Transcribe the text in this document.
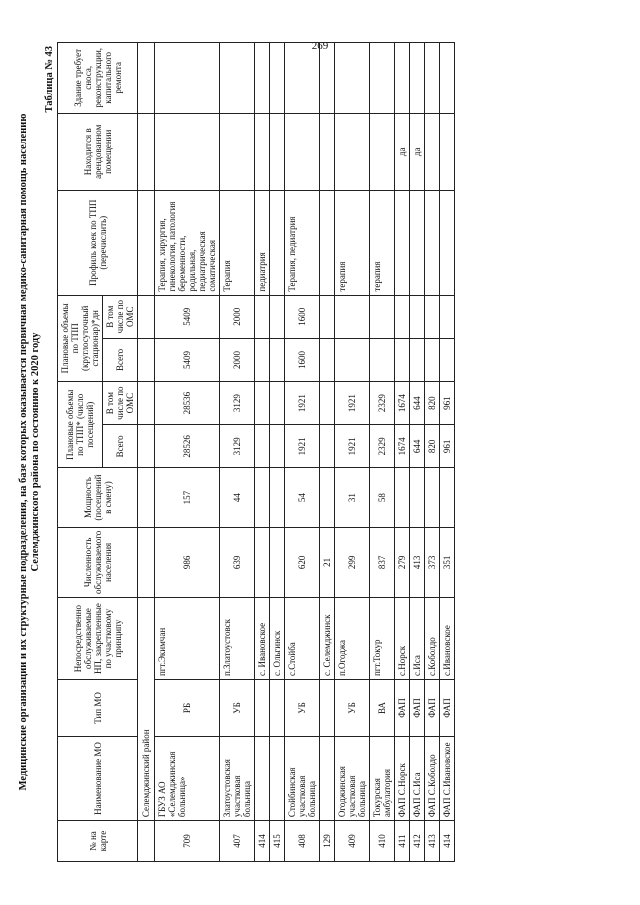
269
Медицинские организации и их структурные подразделения, на базе которых оказывается первичная медико-санитарная помощь населению Селемджинского района по состоянию к 2020 году
Таблица № 43
№ на карте	Наименование МО	Тип МО	Непосредственно обслуживаемые НП, закрепленные по участковому принципу	Численность обслуживаемого населения	Мощность (посещений в смену)	Плановые объемы по ТПП* (число посещений)		Плановые объемы по ТПП (круглосуточный стационар)*дн		Профиль коек по ТПП (перечислить)	Находится в арендованном помещении	Здание требует сноса, реконструкции, капитального ремонта
						Всего	В том числе по ОМС	Всего	В том числе по ОМС			
	Селемджинский район											
709	ГБУЗ АО «Селемджинская больница»	РБ	пгт.Экимчан	986	157	28526	28536	5409	5409	Терапия, хирургия, гинекология, патология беременности, родильная, педиатрическая соматическая		
407	Златоустовская участковая больница	УБ	п.Златоустовск	639	44	3129	3129	2000	2000	Терапия		
414			с. Ивановское							педиатрия		
415			с. Ольгинск									
408	Стойбинская участковая больница	УБ	с.Стойба	620	54	1921	1921	1600	1600	Терапия, педиатрия		
129			с. Селемджинск	21								
409	Огоджинская участковая больница	УБ	п.Огоджа	299	31	1921	1921			терапия		
410	Токурская амбулатория	ВА	пгт.Токур	837	58	2329	2329			терапия		
411	ФАП С.Норск	ФАП	с.Норск	279		1674	1674				да	
412	ФАП С.Иса	ФАП	с.Иса	413		644	644				да	
413	ФАП С.Коболдо	ФАП	с.Коболдо	373		820	820					
414	ФАП С.Ивановское	ФАП	с.Ивановское	351		961	961					
